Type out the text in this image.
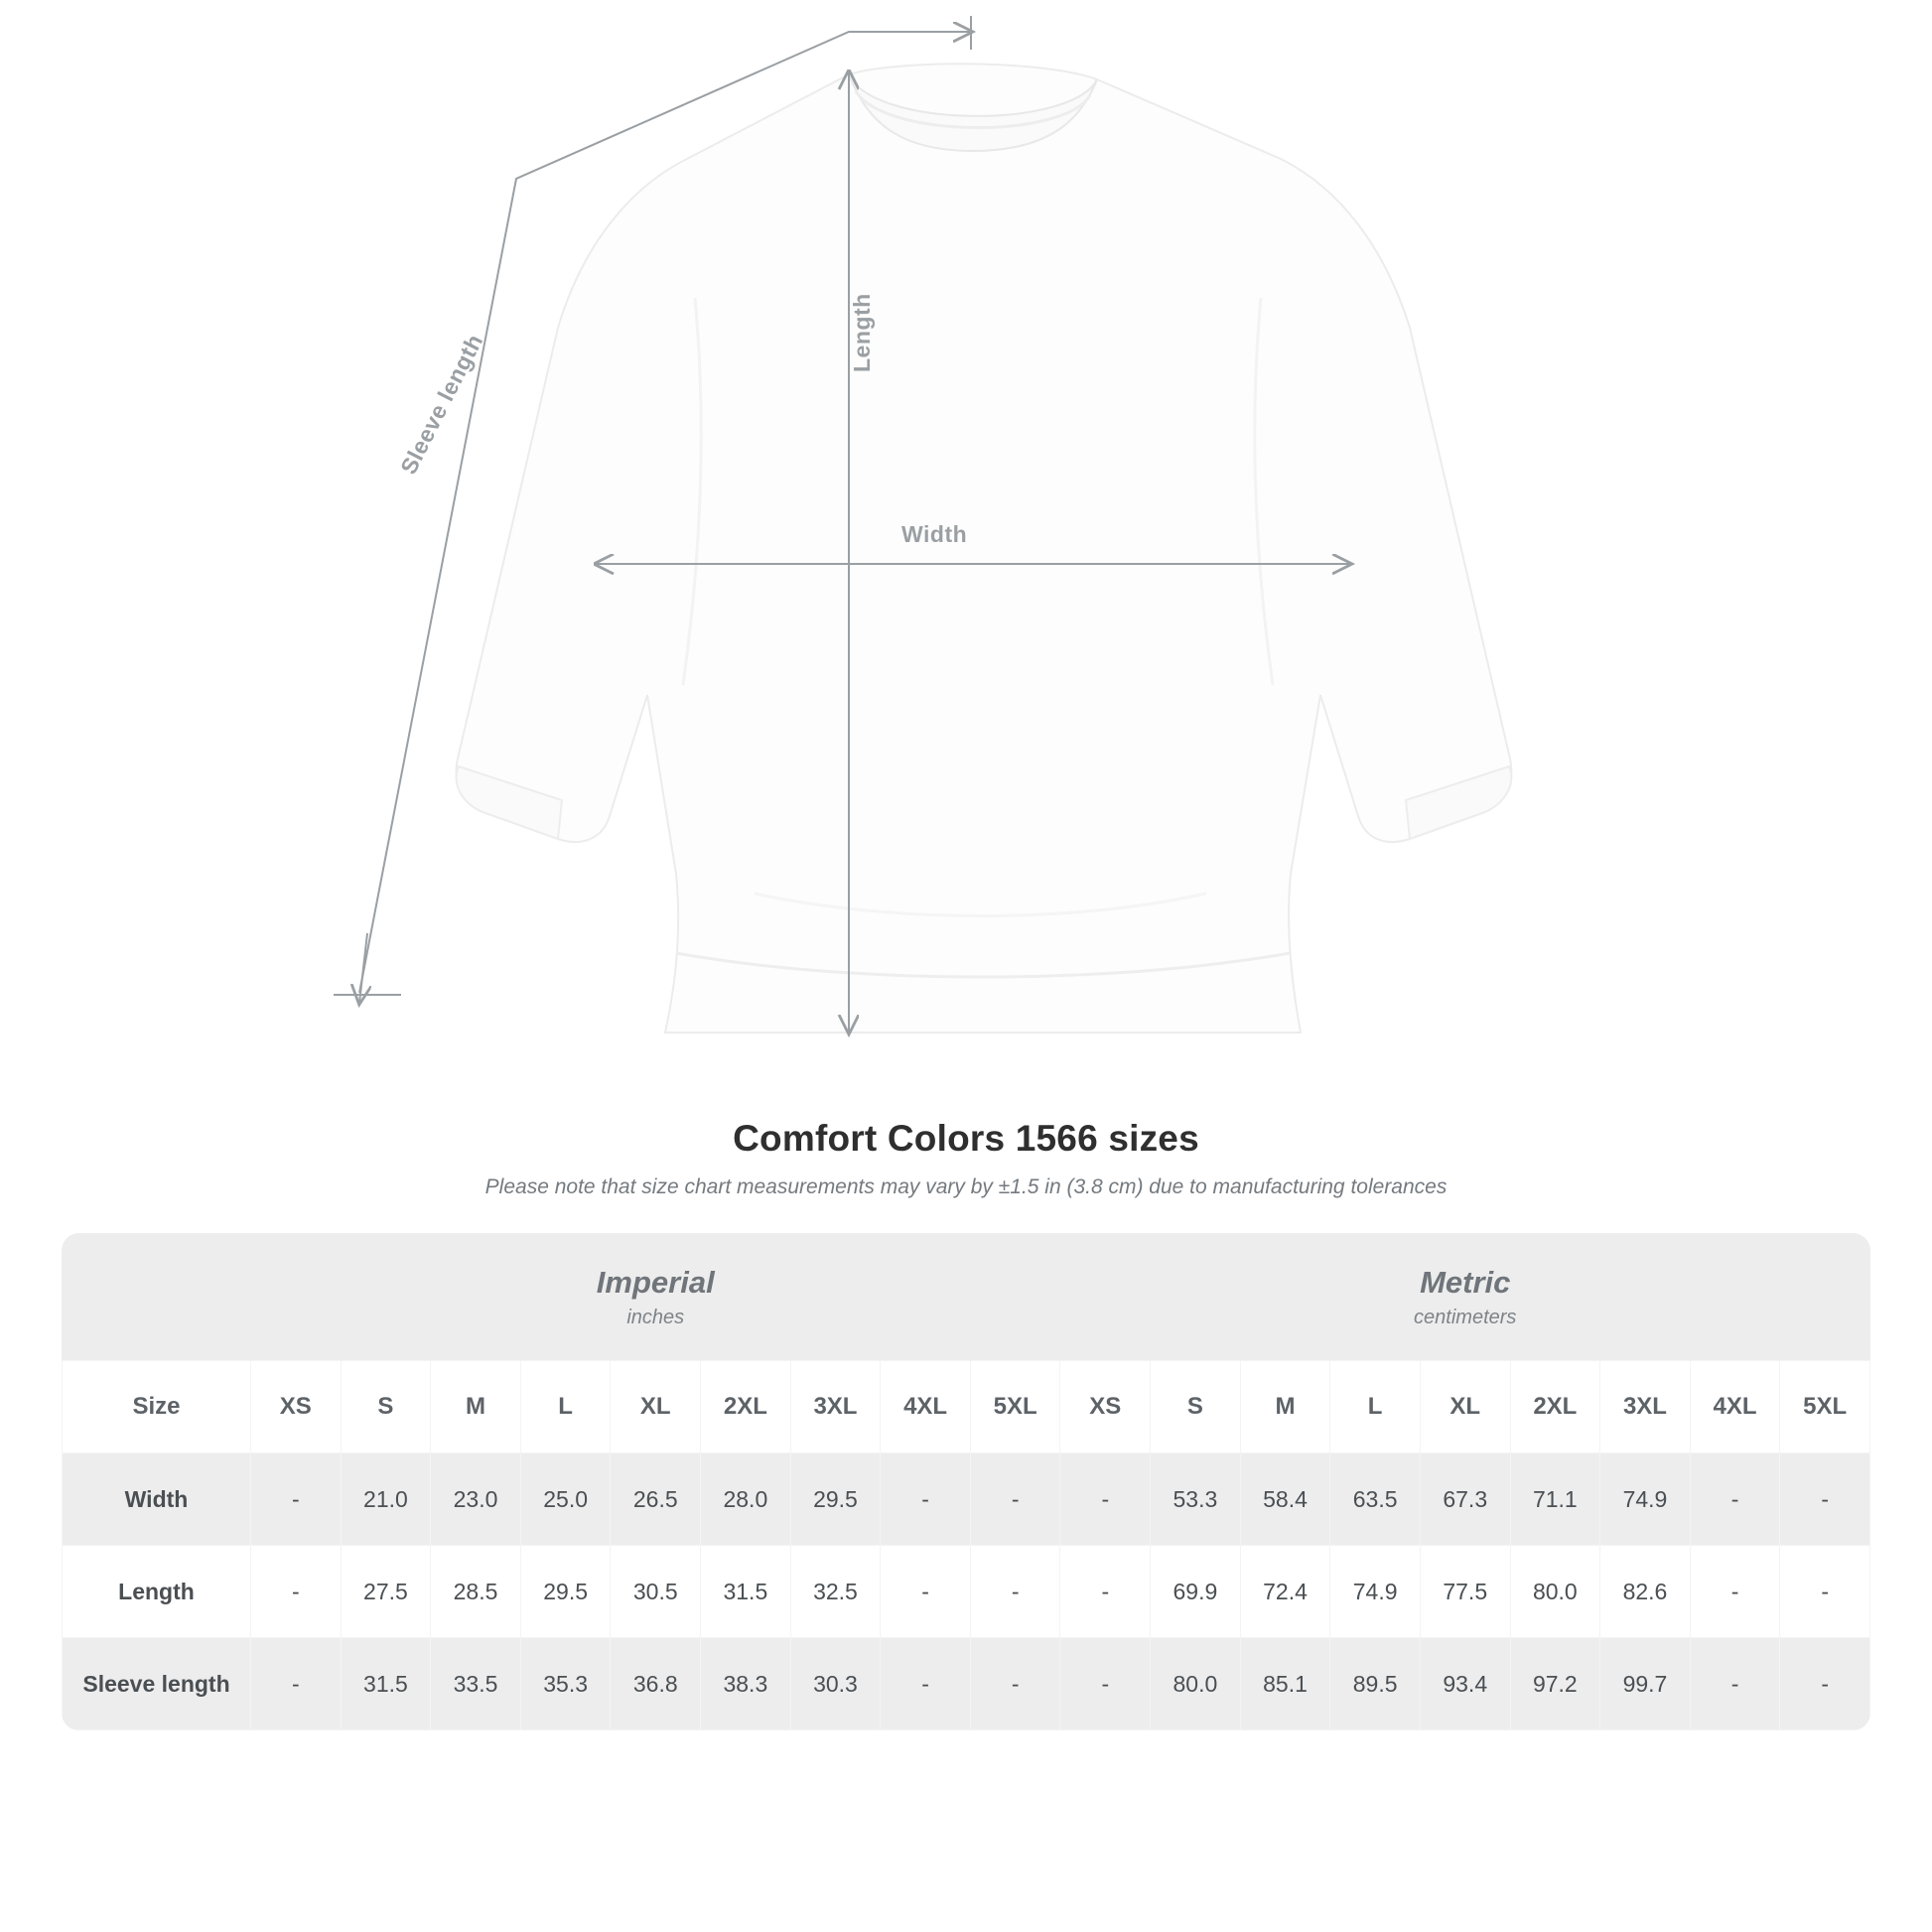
Width
Length
Sleeve length
Comfort Colors 1566 sizes
Please note that size chart measurements may vary by ±1.5 in (3.8 cm) due to manufacturing tolerances

Imperial
inches

Metric
centimeters

Size	XS	S	M	L	XL	2XL	3XL	4XL	5XL	XS	S	M	L	XL	2XL	3XL	4XL	5XL
Width	-	21.0	23.0	25.0	26.5	28.0	29.5	-	-	-	53.3	58.4	63.5	67.3	71.1	74.9	-	-
Length	-	27.5	28.5	29.5	30.5	31.5	32.5	-	-	-	69.9	72.4	74.9	77.5	80.0	82.6	-	-
Sleeve length	-	31.5	33.5	35.3	36.8	38.3	30.3	-	-	-	80.0	85.1	89.5	93.4	97.2	99.7	-	-
